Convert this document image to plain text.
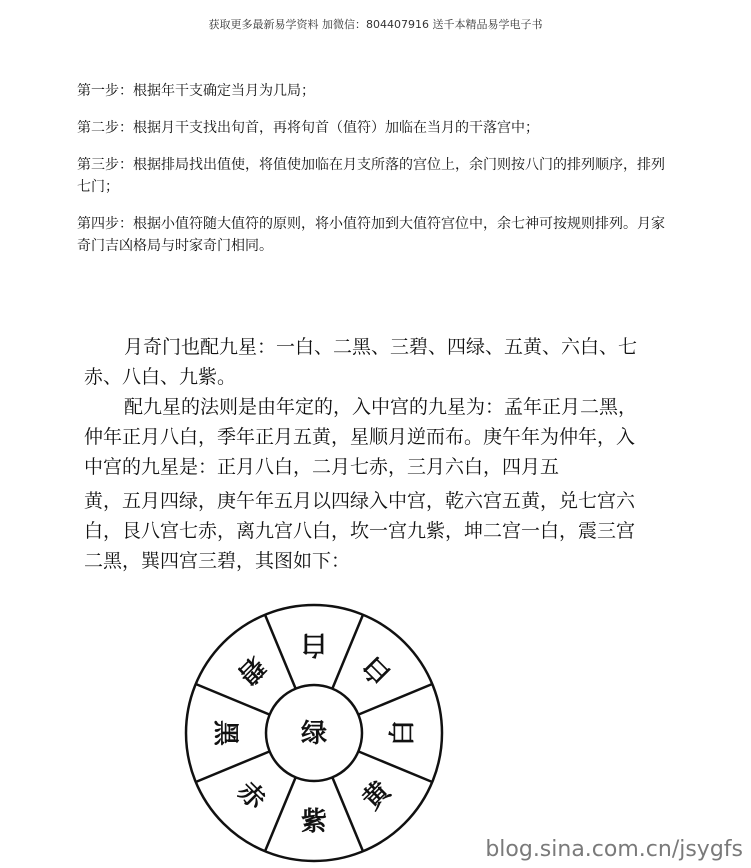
获取更多最新易学资料 加微信：804407916 送千本精品易学电子书

第一步：根据年干支确定当月为几局；

第二步：根据月干支找出旬首，再将旬首（值符）加临在当月的干落宫中；

第三步：根据排局找出值使，将值使加临在月支所落的宫位上，余门则按八门的排列顺序，排列七门；

第四步：根据小值符随大值符的原则，将小值符加到大值符宫位中，余七神可按规则排列。月家奇门吉凶格局与时家奇门相同。

月奇门也配九星：一白、二黑、三碧、四绿、五黄、六白、七赤、八白、九紫。

配九星的法则是由年定的，入中宫的九星为：孟年正月二黑，仲年正月八白，季年正月五黄，星顺月逆而布。庚午年为仲年，入中宫的九星是：正月八白，二月七赤，三月六白，四月五

黄，五月四绿，庚午年五月以四绿入中宫，乾六宫五黄，兑七宫六白，艮八宫七赤，离九宫八白，坎一宫九紫，坤二宫一白，震三宫二黑，巽四宫三碧，其图如下：

绿
白
白
白
黄
紫
赤
黑
碧
blog.sina.com.cn/jsygfs
